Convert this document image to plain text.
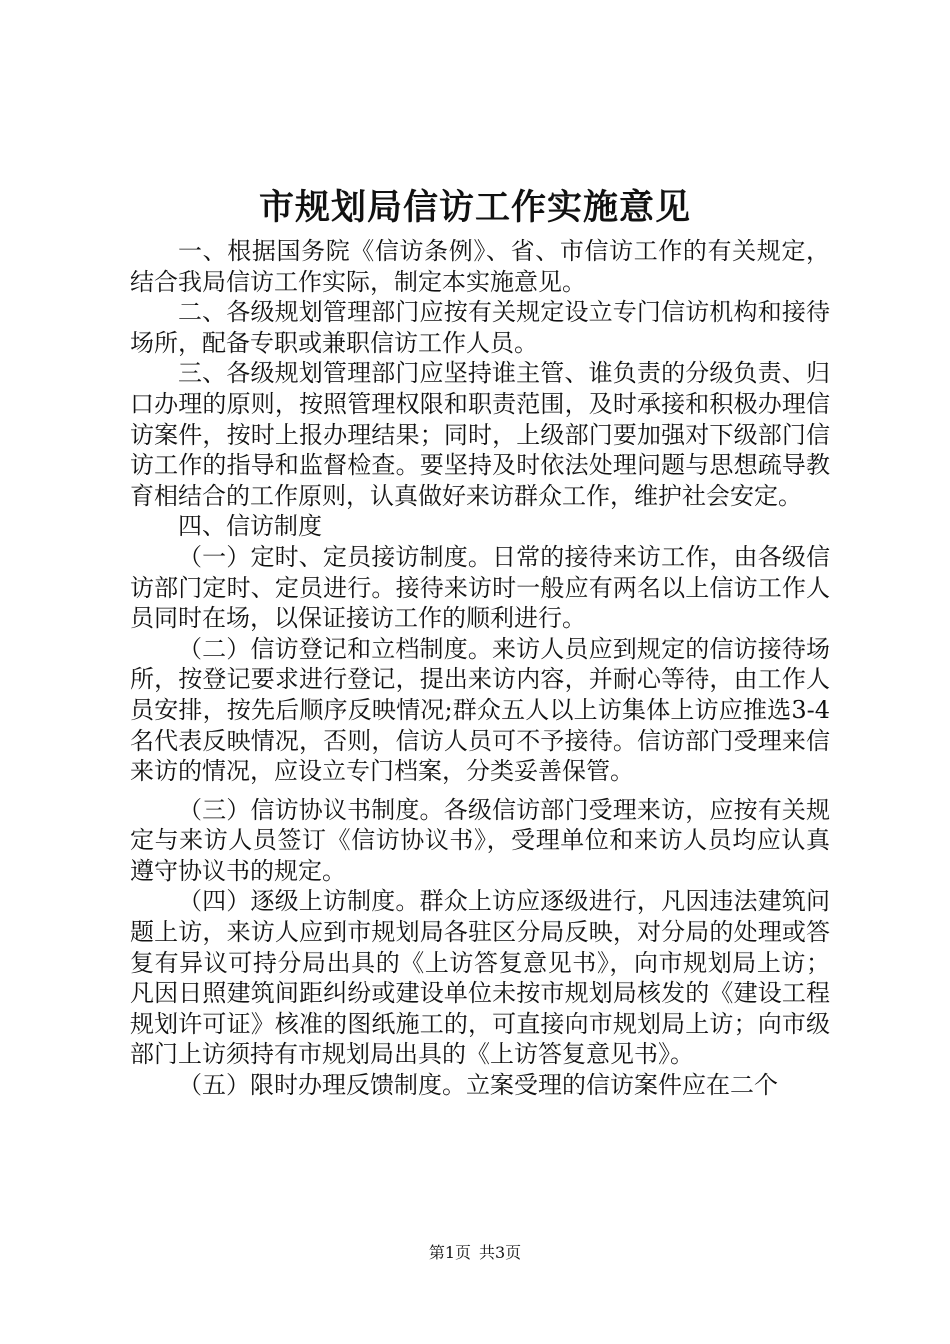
市规划局信访工作实施意见

一、根据国务院《信访条例》、省、市信访工作的有关规定，结合我局信访工作实际，制定本实施意见。

二、各级规划管理部门应按有关规定设立专门信访机构和接待场所，配备专职或兼职信访工作人员。

三、各级规划管理部门应坚持谁主管、谁负责的分级负责、归口办理的原则，按照管理权限和职责范围，及时承接和积极办理信访案件，按时上报办理结果；同时，上级部门要加强对下级部门信访工作的指导和监督检查。要坚持及时依法处理问题与思想疏导教育相结合的工作原则，认真做好来访群众工作，维护社会安定。

四、信访制度

（一）定时、定员接访制度。日常的接待来访工作，由各级信访部门定时、定员进行。接待来访时一般应有两名以上信访工作人员同时在场，以保证接访工作的顺利进行。

（二）信访登记和立档制度。来访人员应到规定的信访接待场所，按登记要求进行登记，提出来访内容，并耐心等待，由工作人员安排，按先后顺序反映情况;群众五人以上访集体上访应推选3-4名代表反映情况，否则，信访人员可不予接待。信访部门受理来信来访的情况，应设立专门档案，分类妥善保管。

（三）信访协议书制度。各级信访部门受理来访，应按有关规定与来访人员签订《信访协议书》，受理单位和来访人员均应认真遵守协议书的规定。

（四）逐级上访制度。群众上访应逐级进行，凡因违法建筑问题上访，来访人应到市规划局各驻区分局反映，对分局的处理或答复有异议可持分局出具的《上访答复意见书》，向市规划局上访；凡因日照建筑间距纠纷或建设单位未按市规划局核发的《建设工程规划许可证》核准的图纸施工的，可直接向市规划局上访；向市级部门上访须持有市规划局出具的《上访答复意见书》。

（五）限时办理反馈制度。立案受理的信访案件应在二个

第1页 共3页
